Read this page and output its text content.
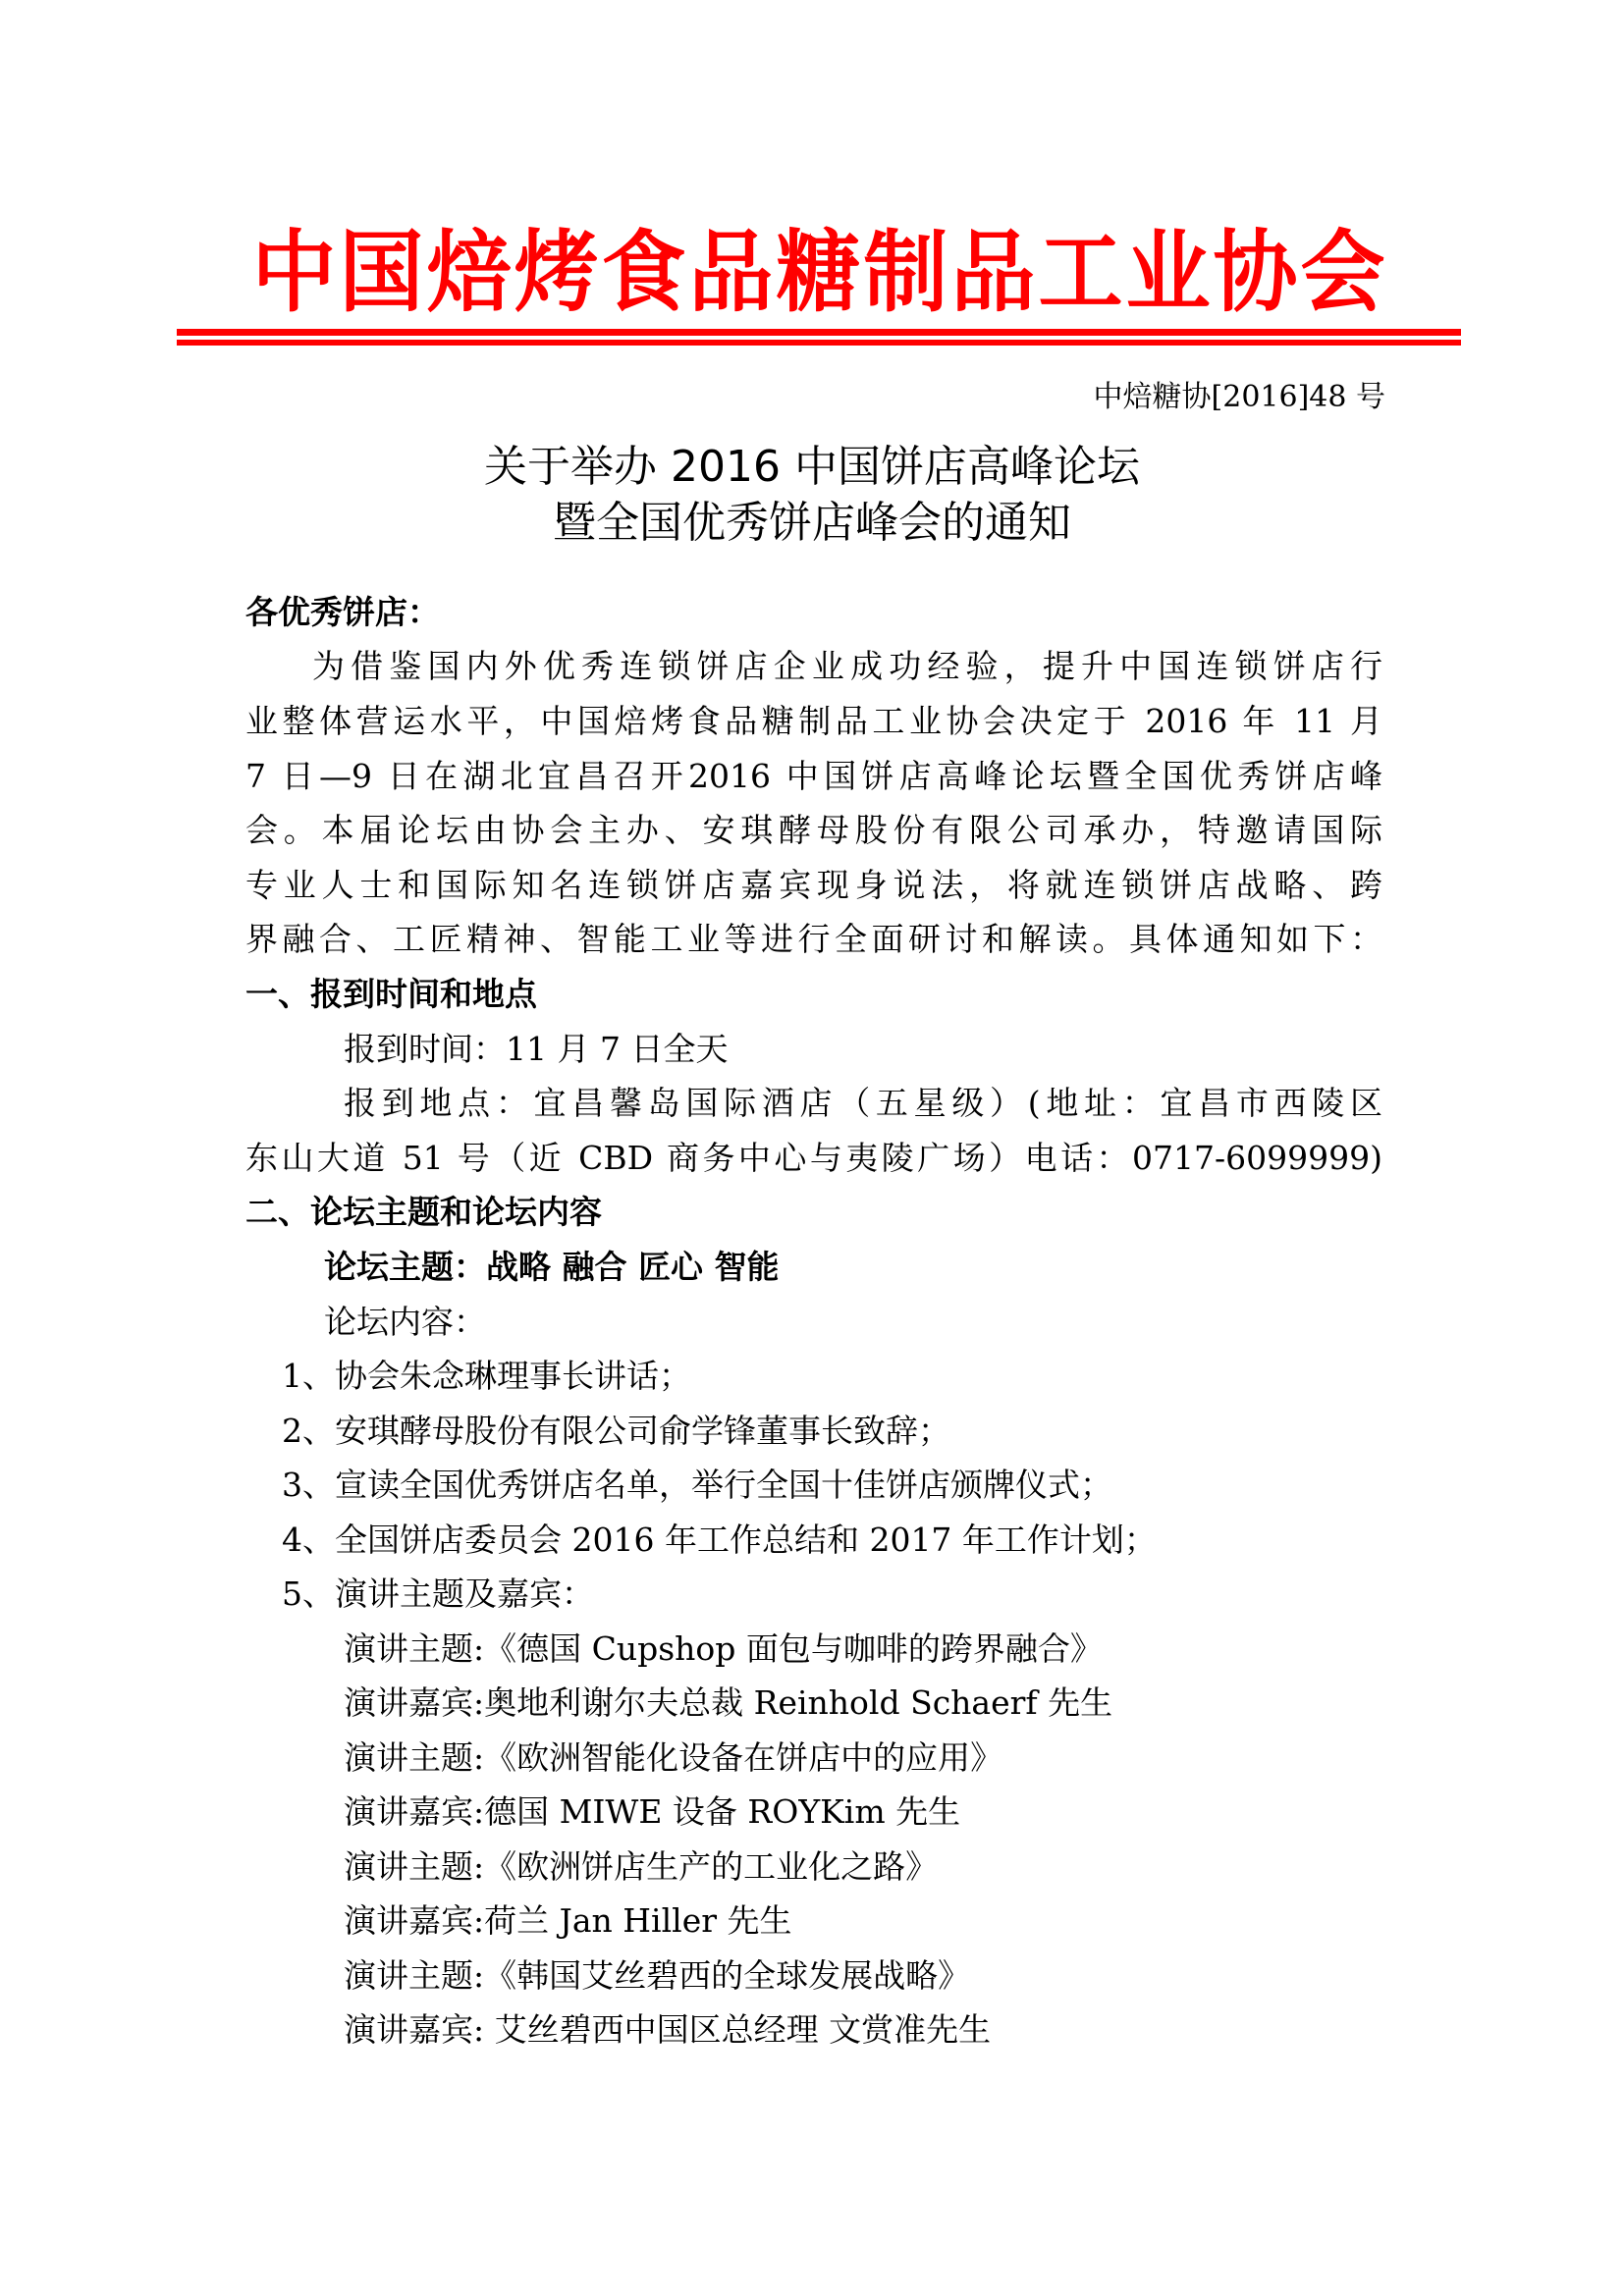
中国焙烤食品糖制品工业协会
中焙糖协[2016]48 号
关于举办 2016 中国饼店高峰论坛
暨全国优秀饼店峰会的通知
各优秀饼店：
为借鉴国内外优秀连锁饼店企业成功经验，提升中国连锁饼店行
业整体营运水平，中国焙烤食品糖制品工业协会决定于 2016 年 11 月
7 日—9 日在湖北宜昌召开2016 中国饼店高峰论坛暨全国优秀饼店峰
会。本届论坛由协会主办、安琪酵母股份有限公司承办，特邀请国际
专业人士和国际知名连锁饼店嘉宾现身说法，将就连锁饼店战略、跨
界融合、工匠精神、智能工业等进行全面研讨和解读。具体通知如下：
一、报到时间和地点
报到时间：11 月 7 日全天
报到地点：宜昌馨岛国际酒店（五星级）(地址：宜昌市西陵区
东山大道 51 号（近 CBD 商务中心与夷陵广场）电话：0717-6099999)
二、论坛主题和论坛内容
论坛主题：战略 融合 匠心 智能
论坛内容：
1、协会朱念琳理事长讲话；
2、安琪酵母股份有限公司俞学锋董事长致辞；
3、宣读全国优秀饼店名单，举行全国十佳饼店颁牌仪式；
4、全国饼店委员会 2016 年工作总结和 2017 年工作计划；
5、演讲主题及嘉宾：
演讲主题:《德国 Cupshop 面包与咖啡的跨界融合》
演讲嘉宾:奥地利谢尔夫总裁 Reinhold Schaerf 先生
演讲主题:《欧洲智能化设备在饼店中的应用》
演讲嘉宾:德国 MIWE 设备 ROYKim 先生
演讲主题:《欧洲饼店生产的工业化之路》
演讲嘉宾:荷兰 Jan Hiller 先生
演讲主题:《韩国艾丝碧西的全球发展战略》
演讲嘉宾: 艾丝碧西中国区总经理 文赏准先生
